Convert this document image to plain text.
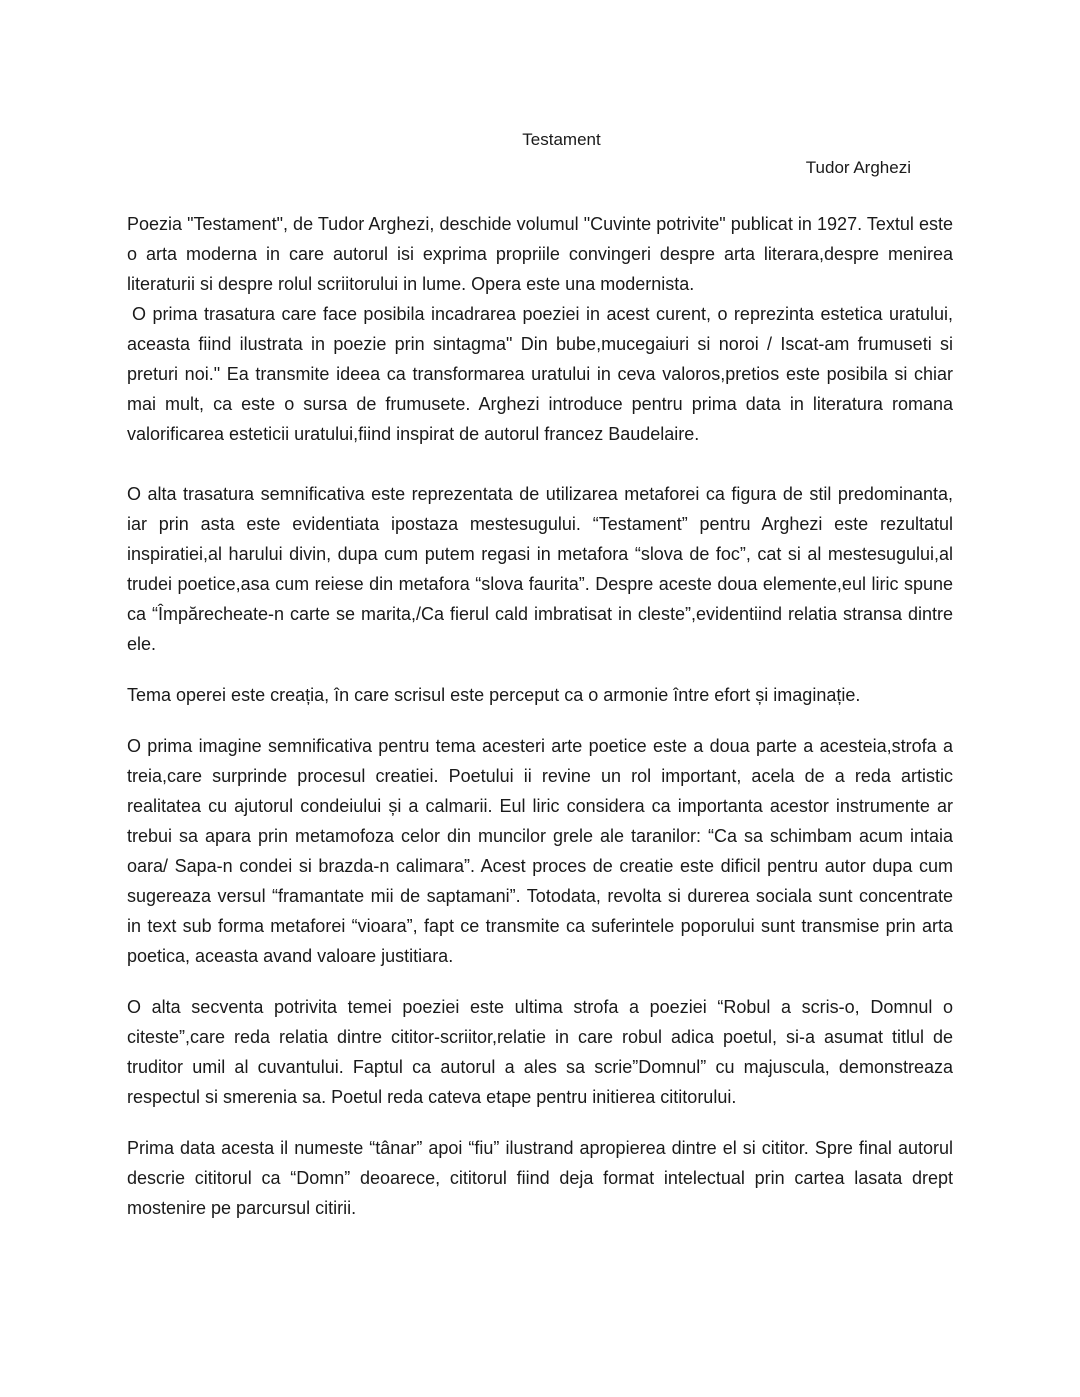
Testament

Tudor Arghezi

Poezia "Testament", de Tudor Arghezi, deschide volumul "Cuvinte potrivite" publicat in 1927. Textul este o arta moderna in care autorul isi exprima propriile convingeri despre arta literara,despre menirea literaturii si despre rolul scriitorului in lume. Opera este una modernista.

O prima trasatura care face posibila incadrarea poeziei in acest curent, o reprezinta estetica uratului, aceasta fiind ilustrata in poezie prin sintagma" Din bube,mucegaiuri si noroi / Iscat-am frumuseti si preturi noi." Ea transmite ideea ca transformarea uratului in ceva valoros,pretios este posibila si chiar mai mult, ca este o sursa de frumusete. Arghezi introduce pentru prima data in literatura romana valorificarea esteticii uratului,fiind inspirat de autorul francez Baudelaire.

O alta trasatura semnificativa este reprezentata de utilizarea metaforei ca figura de stil predominanta, iar prin asta este evidentiata ipostaza mestesugului. “Testament” pentru Arghezi este rezultatul inspiratiei,al harului divin, dupa cum putem regasi in metafora “slova de foc”, cat si al mestesugului,al trudei poetice,asa cum reiese din metafora “slova faurita”. Despre aceste doua elemente,eul liric spune ca “Împărecheate-n carte se marita,/Ca fierul cald imbratisat in cleste”,evidentiind relatia stransa dintre ele.

Tema operei este creația, în care scrisul este perceput ca o armonie între efort și imaginație.

O prima imagine semnificativa pentru tema acesteri arte poetice este a doua parte a acesteia,strofa a treia,care surprinde procesul creatiei. Poetului ii revine un rol important, acela de a reda artistic realitatea cu ajutorul condeiului și a calmarii. Eul liric considera ca importanta acestor instrumente ar trebui sa apara prin metamofoza celor din muncilor grele ale taranilor: “Ca sa schimbam acum intaia oara/ Sapa-n condei si brazda-n calimara”. Acest proces de creatie este dificil pentru autor dupa cum sugereaza versul “framantate mii de saptamani”. Totodata, revolta si durerea sociala sunt concentrate in text sub forma metaforei “vioara”, fapt ce transmite ca suferintele poporului sunt transmise prin arta poetica, aceasta avand valoare justitiara.

O alta secventa potrivita temei poeziei este ultima strofa a poeziei “Robul a scris-o, Domnul o citeste”,care reda relatia dintre cititor-scriitor,relatie in care robul adica poetul, si-a asumat titlul de truditor umil al cuvantului. Faptul ca autorul a ales sa scrie”Domnul” cu majuscula, demonstreaza respectul si smerenia sa. Poetul reda cateva etape pentru initierea cititorului.

Prima data acesta il numeste “tânar” apoi “fiu” ilustrand apropierea dintre el si cititor. Spre final autorul descrie cititorul ca “Domn” deoarece, cititorul fiind deja format intelectual prin cartea lasata drept mostenire pe parcursul citirii.
